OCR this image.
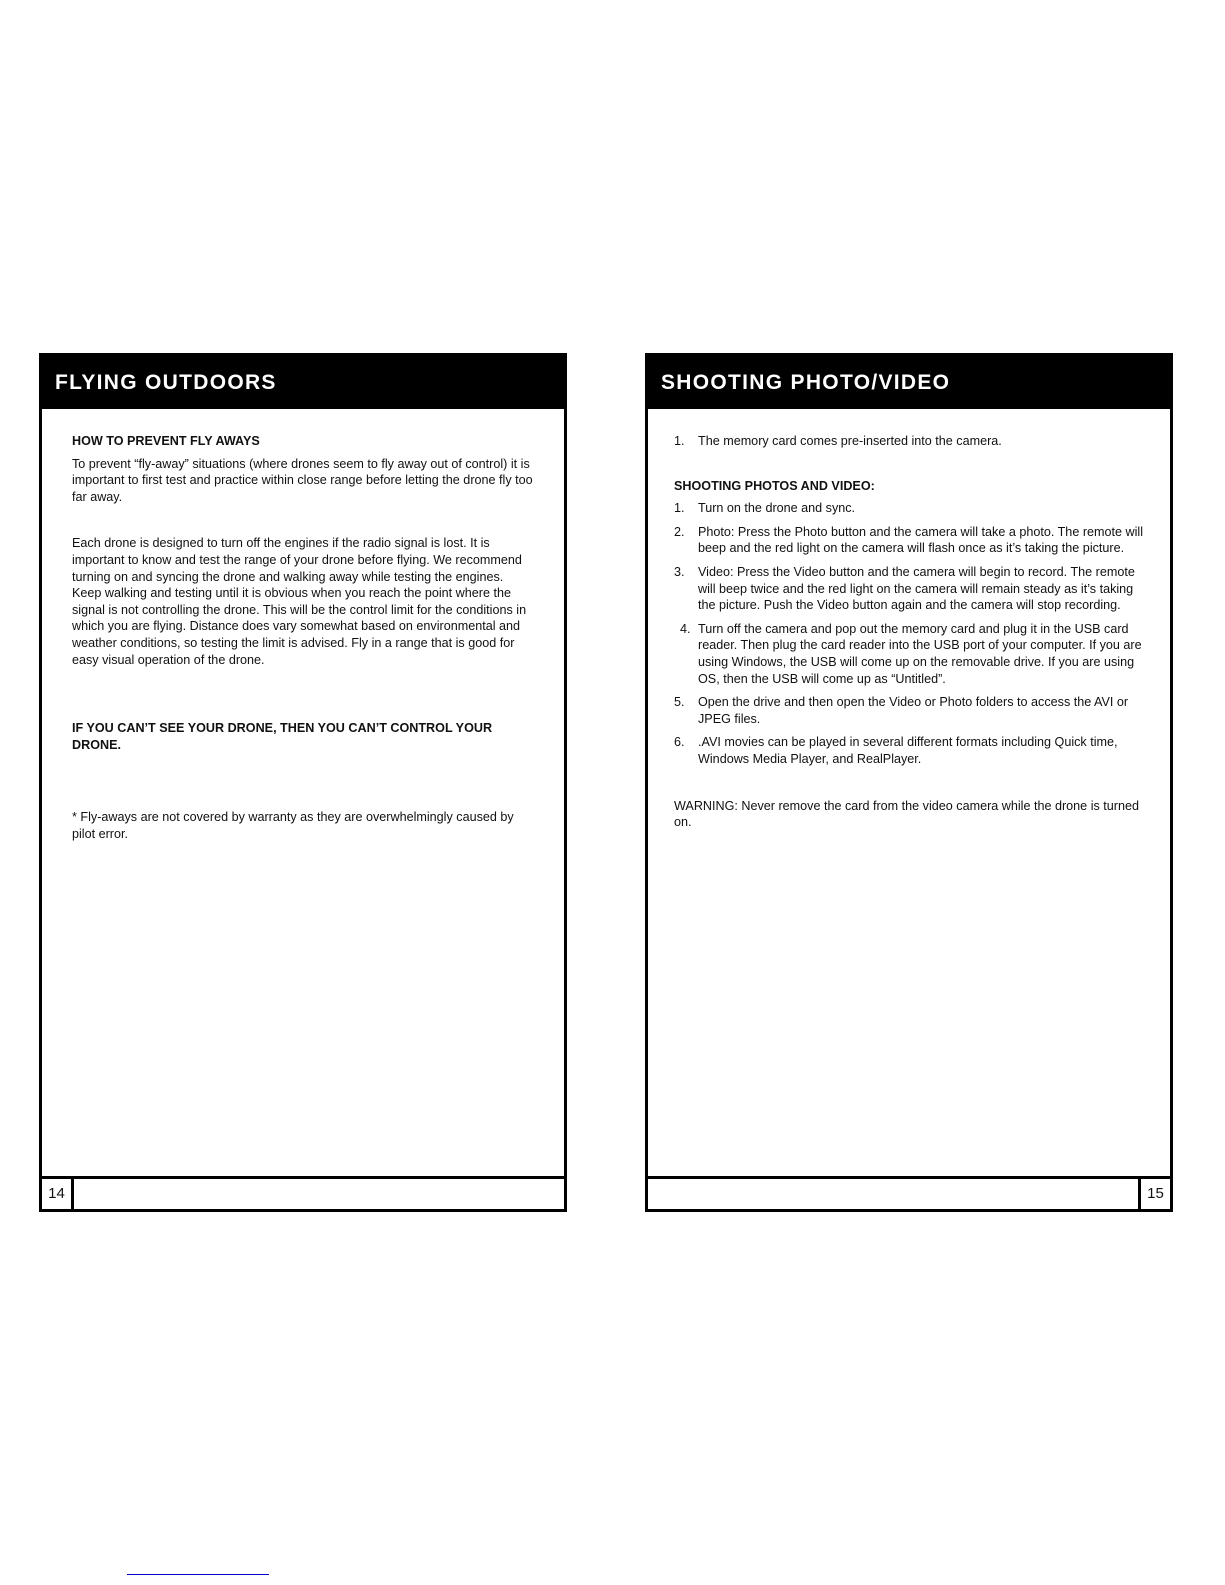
FLYING OUTDOORS

HOW TO PREVENT FLY AWAYS

To prevent “fly-away” situations (where drones seem to fly away out of control) it is important to first test and practice within close range before letting the drone fly too far away.

Each drone is designed to turn off the engines if the radio signal is lost. It is important to know and test the range of your drone before flying. We recommend turning on and syncing the drone and walking away while testing the engines. Keep walking and testing until it is obvious when you reach the point where the signal is not controlling the drone. This will be the control limit for the conditions in which you are flying. Distance does vary somewhat based on environmental and weather conditions, so testing the limit is advised. Fly in a range that is good for easy visual operation of the drone.

IF YOU CAN’T SEE YOUR DRONE, THEN YOU CAN’T CONTROL YOUR DRONE.

* Fly-aways are not covered by warranty as they are overwhelmingly caused by pilot error.

14
SHOOTING PHOTO/VIDEO
1. The memory card comes pre-inserted into the camera.

SHOOTING PHOTOS AND VIDEO:

1. Turn on the drone and sync.
2. Photo: Press the Photo button and the camera will take a photo. The remote will beep and the red light on the camera will flash once as it’s taking the picture.
3. Video: Press the Video button and the camera will begin to record. The remote will beep twice and the red light on the camera will remain steady as it’s taking the picture. Push the Video button again and the camera will stop recording.
4. Turn off the camera and pop out the memory card and plug it in the USB card reader. Then plug the card reader into the USB port of your computer. If you are using Windows, the USB will come up on the removable drive. If you are using OS, then the USB will come up as “Untitled”.
5. Open the drive and then open the Video or Photo folders to access the AVI or JPEG files.
6. .AVI movies can be played in several different formats including Quick time, Windows Media Player, and RealPlayer.

WARNING: Never remove the card from the video camera while the drone is turned on.

15
